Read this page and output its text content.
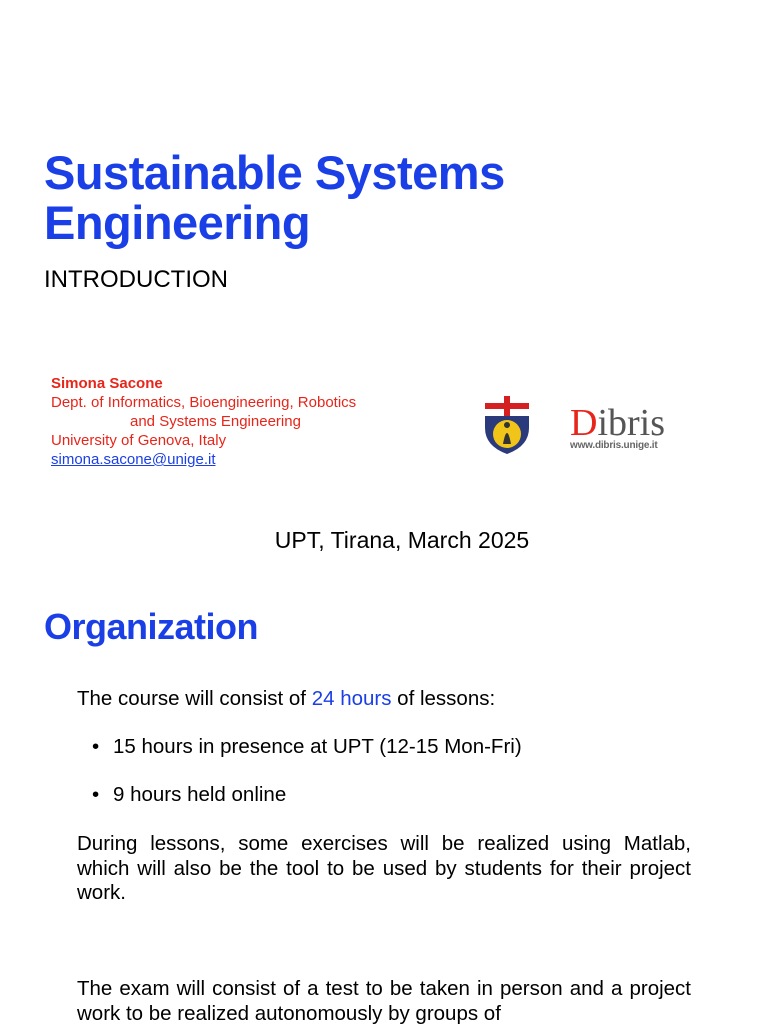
Sustainable Systems
Engineering

INTRODUCTION

Simona Sacone
Dept. of Informatics, Bioengineering, Robotics
and Systems Engineering
University of Genova, Italy
simona.sacone@unige.it
Dibris
www.dibris.unige.it
UPT, Tirana, March 2025
Organization

The course will consist of 24 hours of lessons:

• 15 hours in presence at UPT (12-15 Mon-Fri)
• 9 hours held online

During lessons, some exercises will be realized using Matlab, which will also be the tool to be used by students for their project work.

The exam will consist of a test to be taken in person and a project work to be realized autonomously by groups of
